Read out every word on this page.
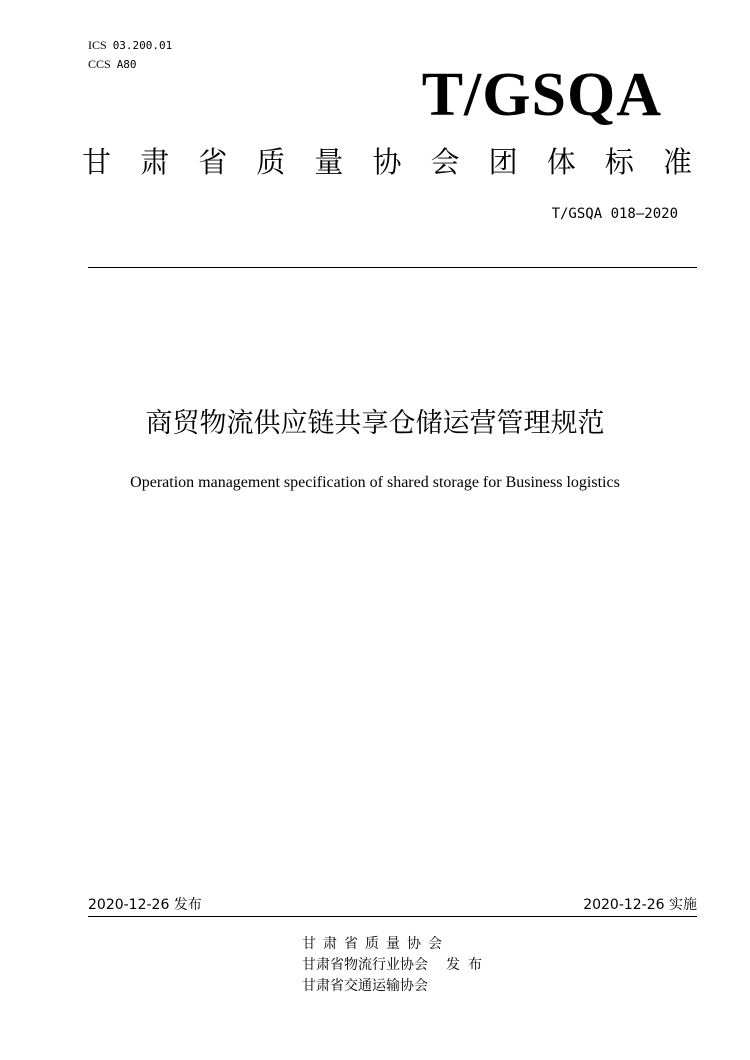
ICS 03.200.01
CCS A80	T/GSQA
甘 肃 省 质 量 协 会 团 体 标 准
T/GSQA 018—2020
商贸物流供应链共享仓储运营管理规范
Operation management specification of shared storage for Business logistics
2020-12-26 发布	2020-12-26 实施
甘肃省质量协会
甘肃省物流行业协会 发布
甘肃省交通运输协会
